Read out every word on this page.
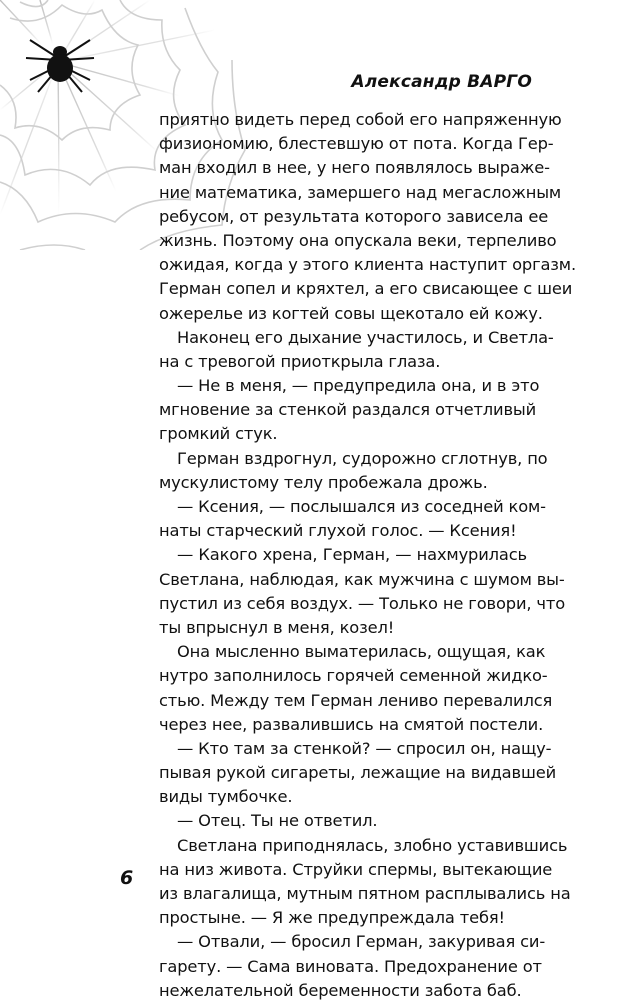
Александр ВАРГО
приятно видеть перед собой его напряженную
физиономию, блестевшую от пота. Когда Гер-
ман входил в нее, у него появлялось выраже-
ние математика, замершего над мегасложным
ребусом, от результата которого зависела ее
жизнь. Поэтому она опускала веки, терпеливо
ожидая, когда у этого клиента наступит оргазм.
Герман сопел и кряхтел, а его свисающее с шеи
ожерелье из когтей совы щекотало ей кожу.
Наконец его дыхание участилось, и Светла-
на с тревогой приоткрыла глаза.
— Не в меня, — предупредила она, и в это
мгновение за стенкой раздался отчетливый
громкий стук.
Герман вздрогнул, судорожно сглотнув, по
мускулистому телу пробежала дрожь.
— Ксения, — послышался из соседней ком-
наты старческий глухой голос. — Ксения!
— Какого хрена, Герман, — нахмурилась
Светлана, наблюдая, как мужчина с шумом вы-
пустил из себя воздух. — Только не говори, что
ты впрыснул в меня, козел!
Она мысленно выматерилась, ощущая, как
нутро заполнилось горячей семенной жидко-
стью. Между тем Герман лениво перевалился
через нее, развалившись на смятой постели.
— Кто там за стенкой? — спросил он, нащу-
пывая рукой сигареты, лежащие на видавшей
виды тумбочке.
— Отец. Ты не ответил.
Светлана приподнялась, злобно уставившись
на низ живота. Струйки спермы, вытекающие
из влагалища, мутным пятном расплывались на
простыне. — Я же предупреждала тебя!
— Отвали, — бросил Герман, закуривая си-
гарету. — Сама виновата. Предохранение от
нежелательной беременности забота баб.
6
